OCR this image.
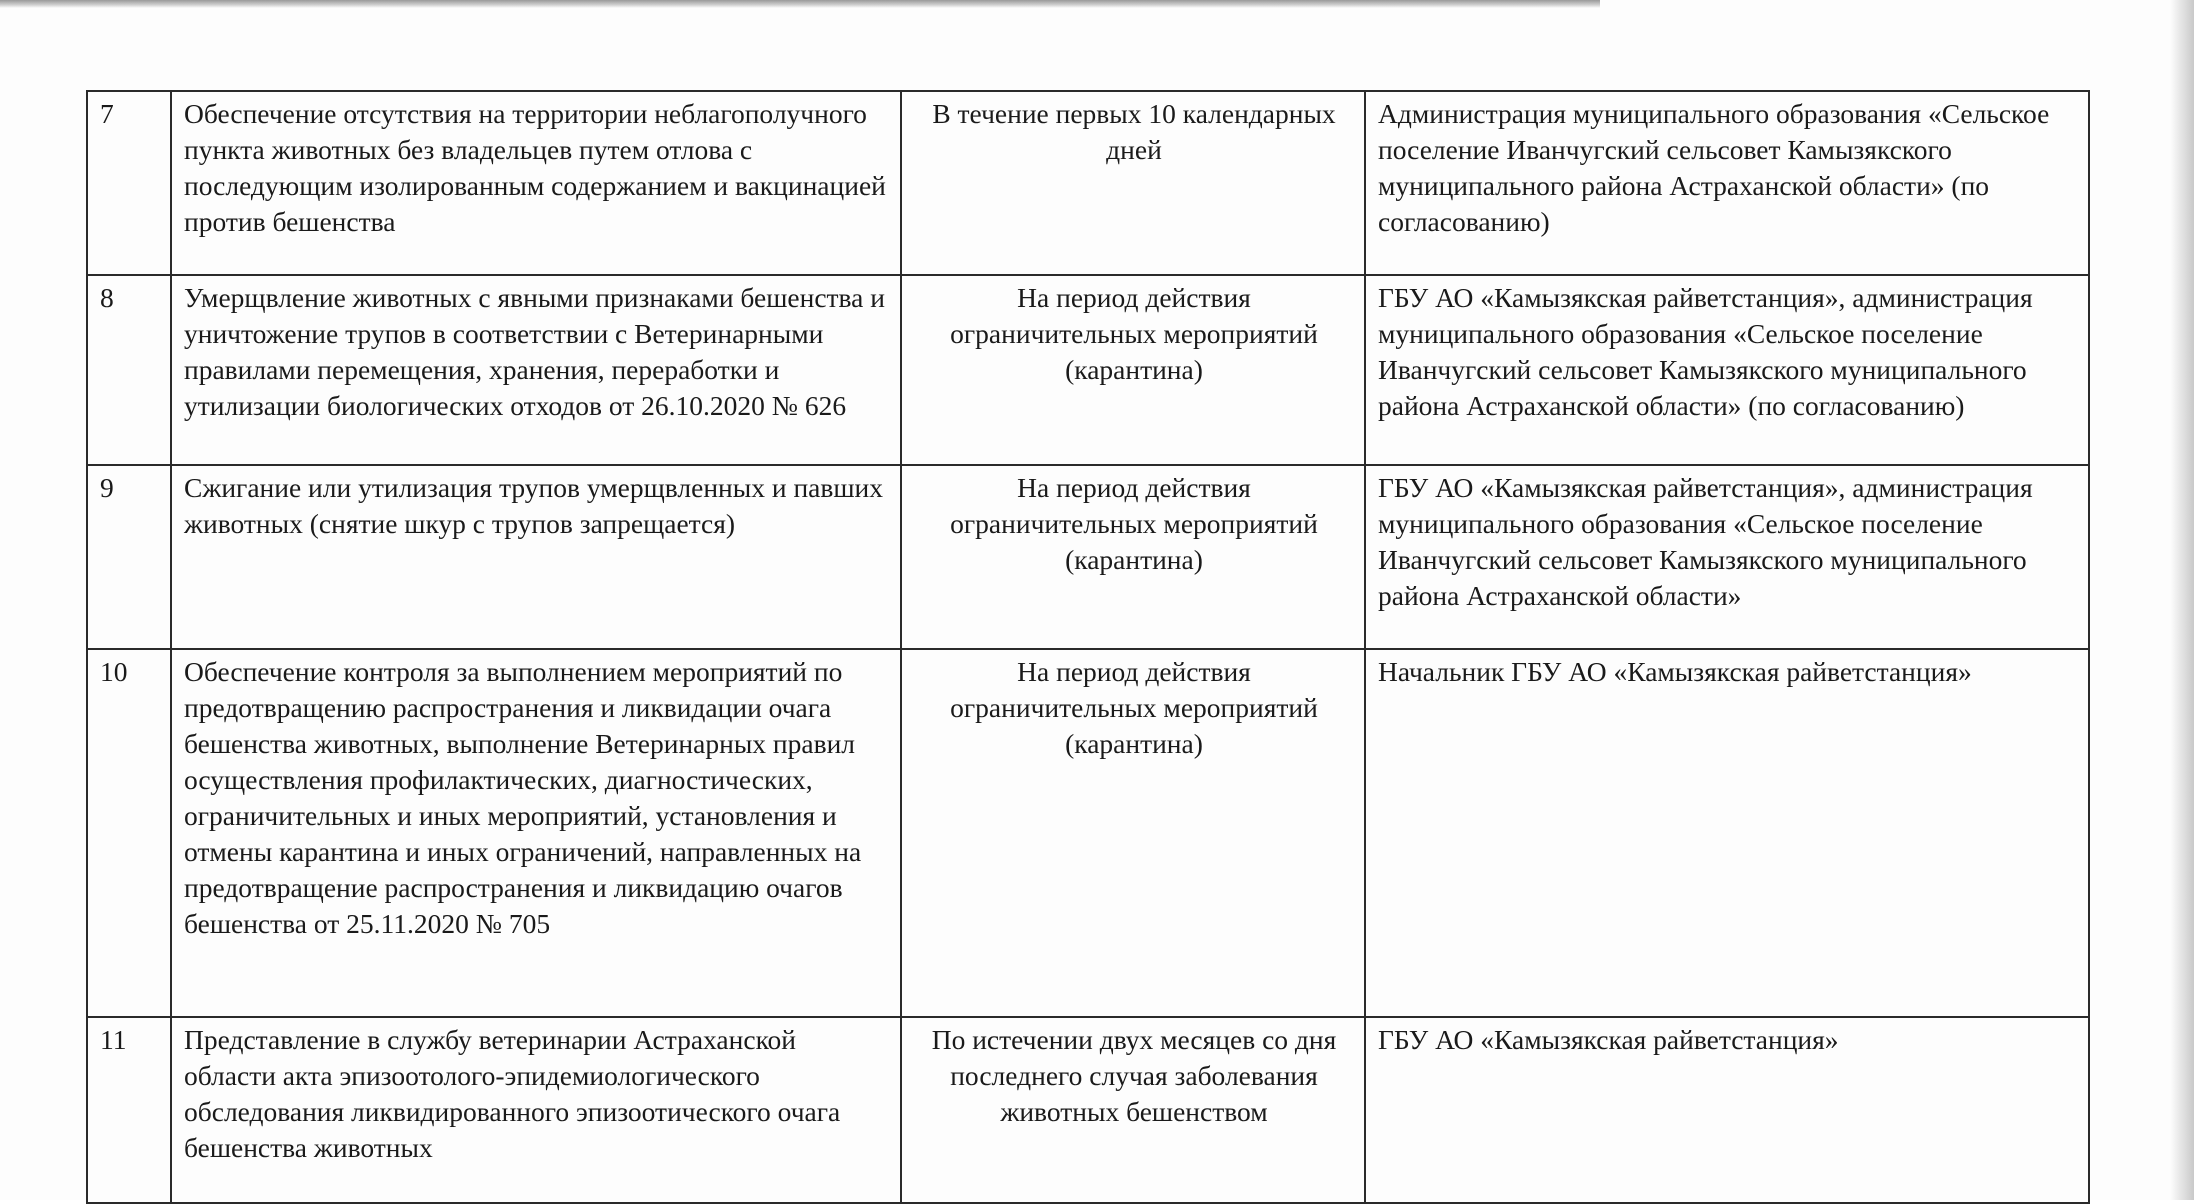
7	Обеспечение отсутствия на территории неблагополучного пункта животных без владельцев путем отлова с последующим изолированным содержанием и вакцинацией против бешенства	В течение первых 10 календарных дней	Администрация муниципального образования «Сельское поселение Иванчугский сельсовет Камызякского муниципального района Астраханской области» (по согласованию)
8	Умерщвление животных с явными признаками бешенства и уничтожение трупов в соответствии с Ветеринарными правилами перемещения, хранения, переработки и утилизации биологических отходов от 26.10.2020 № 626	На период действия ограничительных мероприятий (карантина)	ГБУ АО «Камызякская райветстанция», администрация муниципального образования «Сельское поселение Иванчугский сельсовет Камызякского муниципального района Астраханской области» (по согласованию)
9	Сжигание или утилизация трупов умерщвленных и павших животных (снятие шкур с трупов запрещается)	На период действия ограничительных мероприятий (карантина)	ГБУ АО «Камызякская райветстанция», администрация муниципального образования «Сельское поселение Иванчугский сельсовет Камызякского муниципального района Астраханской области»
10	Обеспечение контроля за выполнением мероприятий по предотвращению распространения и ликвидации очага бешенства животных, выполнение Ветеринарных правил осуществления профилактических, диагностических, ограничительных и иных мероприятий, установления и отмены карантина и иных ограничений, направленных на предотвращение распространения и ликвидацию очагов бешенства от 25.11.2020 № 705	На период действия ограничительных мероприятий (карантина)	Начальник ГБУ АО «Камызякская райветстанция»
11	Представление в службу ветеринарии Астраханской области акта эпизоотолого-эпидемиологического обследования ликвидированного эпизоотического очага бешенства животных	По истечении двух месяцев со дня последнего случая заболевания животных бешенством	ГБУ АО «Камызякская райветстанция»
